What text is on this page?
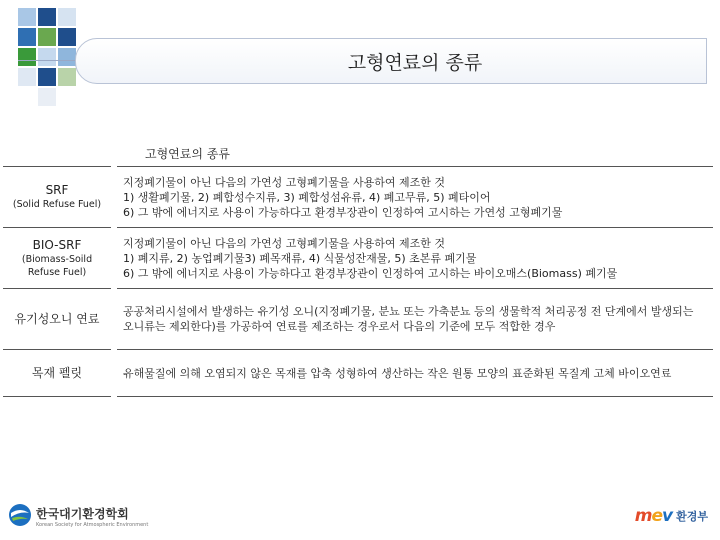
고형연료의 종류
고형연료의 종류
SRF
(Solid Refuse Fuel)		지정폐기물이 아닌 다음의 가연성 고형폐기물을 사용하여 제조한 것
1) 생활폐기물, 2) 폐합성수지류, 3) 폐합성섬유류, 4) 폐고무류, 5) 폐타이어
6) 그 밖에 에너지로 사용이 가능하다고 환경부장관이 인정하여 고시하는 가연성 고형폐기물

BIO-SRF
(Biomass-Soild Refuse Fuel)		지정폐기물이 아닌 다음의 가연성 고형폐기물을 사용하여 제조한 것
1) 폐지류, 2) 농업폐기물3) 폐목재류, 4) 식물성잔재물, 5) 초본류 폐기물
6) 그 밖에 에너지로 사용이 가능하다고 환경부장관이 인정하여 고시하는 바이오매스(Biomass) 폐기물

유기성오니 연료		공공처리시설에서 발생하는 유기성 오니(지정폐기물, 분뇨 또는 가축분뇨 등의 생물학적 처리공정 전 단계에서 발생되는 오니류는 제외한다)를 가공하여 연료를 제조하는 경우로서 다음의 기준에 모두 적합한 경우

목재 펠릿		유해물질에 의해 오염되지 않은 목재를 압축 성형하여 생산하는 작은 원통 모양의 표준화된 목질계 고체 바이오연료
한국대기환경학회
Korean Society for Atmospheric Environment	mev 환경부
